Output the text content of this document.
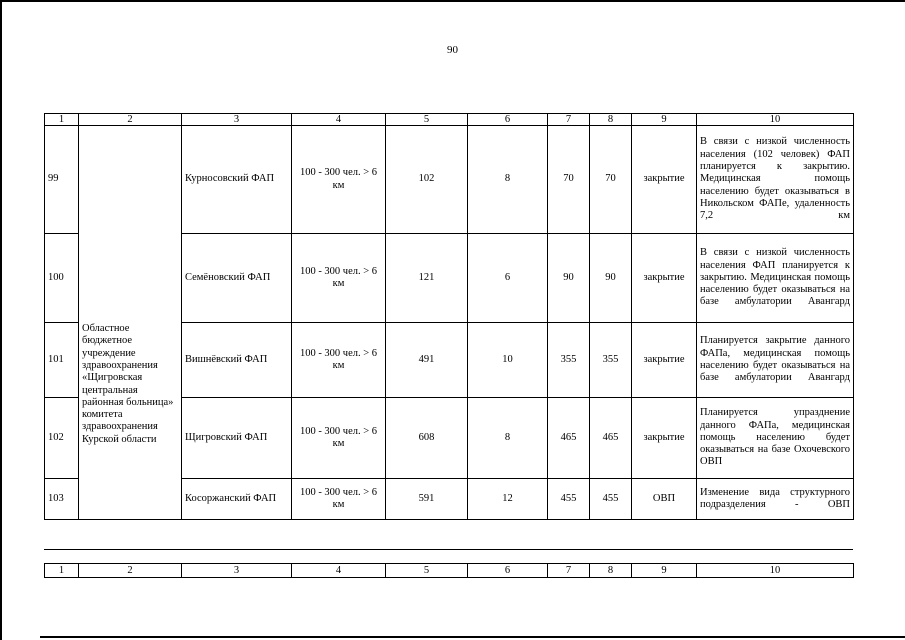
90
1	2	3	4	5	6	7	8	9	10
99	Областное бюджетное учреждение здравоохранения «Щигровская центральная районная больница» комитета здравоохранения Курской области	Курносовский ФАП	100 - 300 чел. > 6 км	102	8	70	70	закрытие	В связи с низкой численность населения (102 человек) ФАП планируется к закрытию. Медицинская помощь населению будет оказываться в Никольском ФАПе, удаленность 7,2 км
100		Семёновский ФАП	100 - 300 чел. > 6 км	121	6	90	90	закрытие	В связи с низкой численность населения ФАП планируется к закрытию. Медицинская помощь населению будет оказываться на базе амбулатории Авангард
101		Вишнёвский ФАП	100 - 300 чел. > 6 км	491	10	355	355	закрытие	Планируется закрытие данного ФАПа, медицинская помощь населению будет оказываться на базе амбулатории Авангард
102		Щигровский ФАП	100 - 300 чел. > 6 км	608	8	465	465	закрытие	Планируется упразднение данного ФАПа, медицинская помощь населению будет оказываться на базе Охочевского ОВП
103		Косоржанский ФАП	100 - 300 чел. > 6 км	591	12	455	455	ОВП	Изменение вида структурного подразделения - ОВП
1	2	3	4	5	6	7	8	9	10
